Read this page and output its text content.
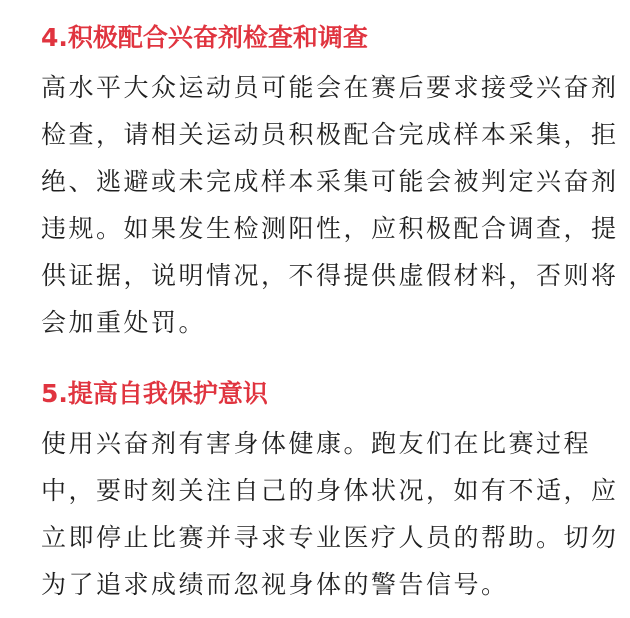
4.积极配合兴奋剂检查和调查

高水平大众运动员可能会在赛后要求接受兴奋剂
检查，请相关运动员积极配合完成样本采集，拒
绝、逃避或未完成样本采集可能会被判定兴奋剂
违规。如果发生检测阳性，应积极配合调查，提
供证据，说明情况，不得提供虚假材料，否则将
会加重处罚。

5.提高自我保护意识

使用兴奋剂有害身体健康。跑友们在比赛过程
中，要时刻关注自己的身体状况，如有不适，应
立即停止比赛并寻求专业医疗人员的帮助。切勿
为了追求成绩而忽视身体的警告信号。
